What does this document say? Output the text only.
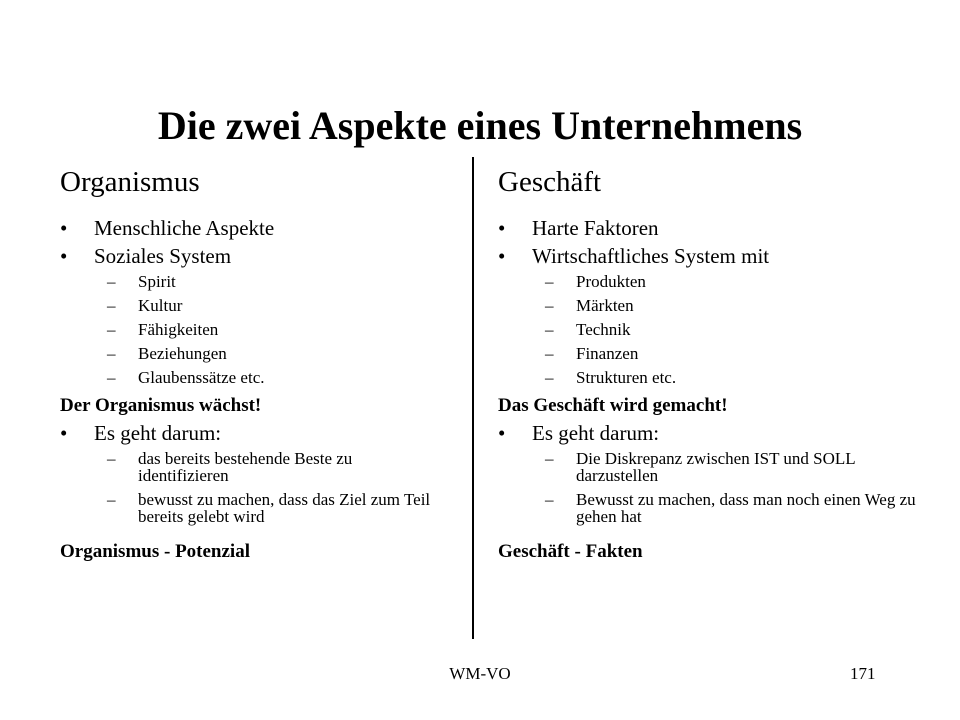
Die zwei Aspekte eines Unternehmens
Organismus
• Menschliche Aspekte
• Soziales System
– Spirit
– Kultur
– Fähigkeiten
– Beziehungen
– Glaubenssätze etc.
Der Organismus wächst!
• Es geht darum:
– das bereits bestehende Beste zu identifizieren
– bewusst zu machen, dass das Ziel zum Teil bereits gelebt wird
Organismus - Potenzial
Geschäft
• Harte Faktoren
• Wirtschaftliches System mit
– Produkten
– Märkten
– Technik
– Finanzen
– Strukturen etc.
Das Geschäft wird gemacht!
• Es geht darum:
– Die Diskrepanz zwischen IST und SOLL darzustellen
– Bewusst zu machen, dass man noch einen Weg zu gehen hat
Geschäft - Fakten
WM-VO	171
